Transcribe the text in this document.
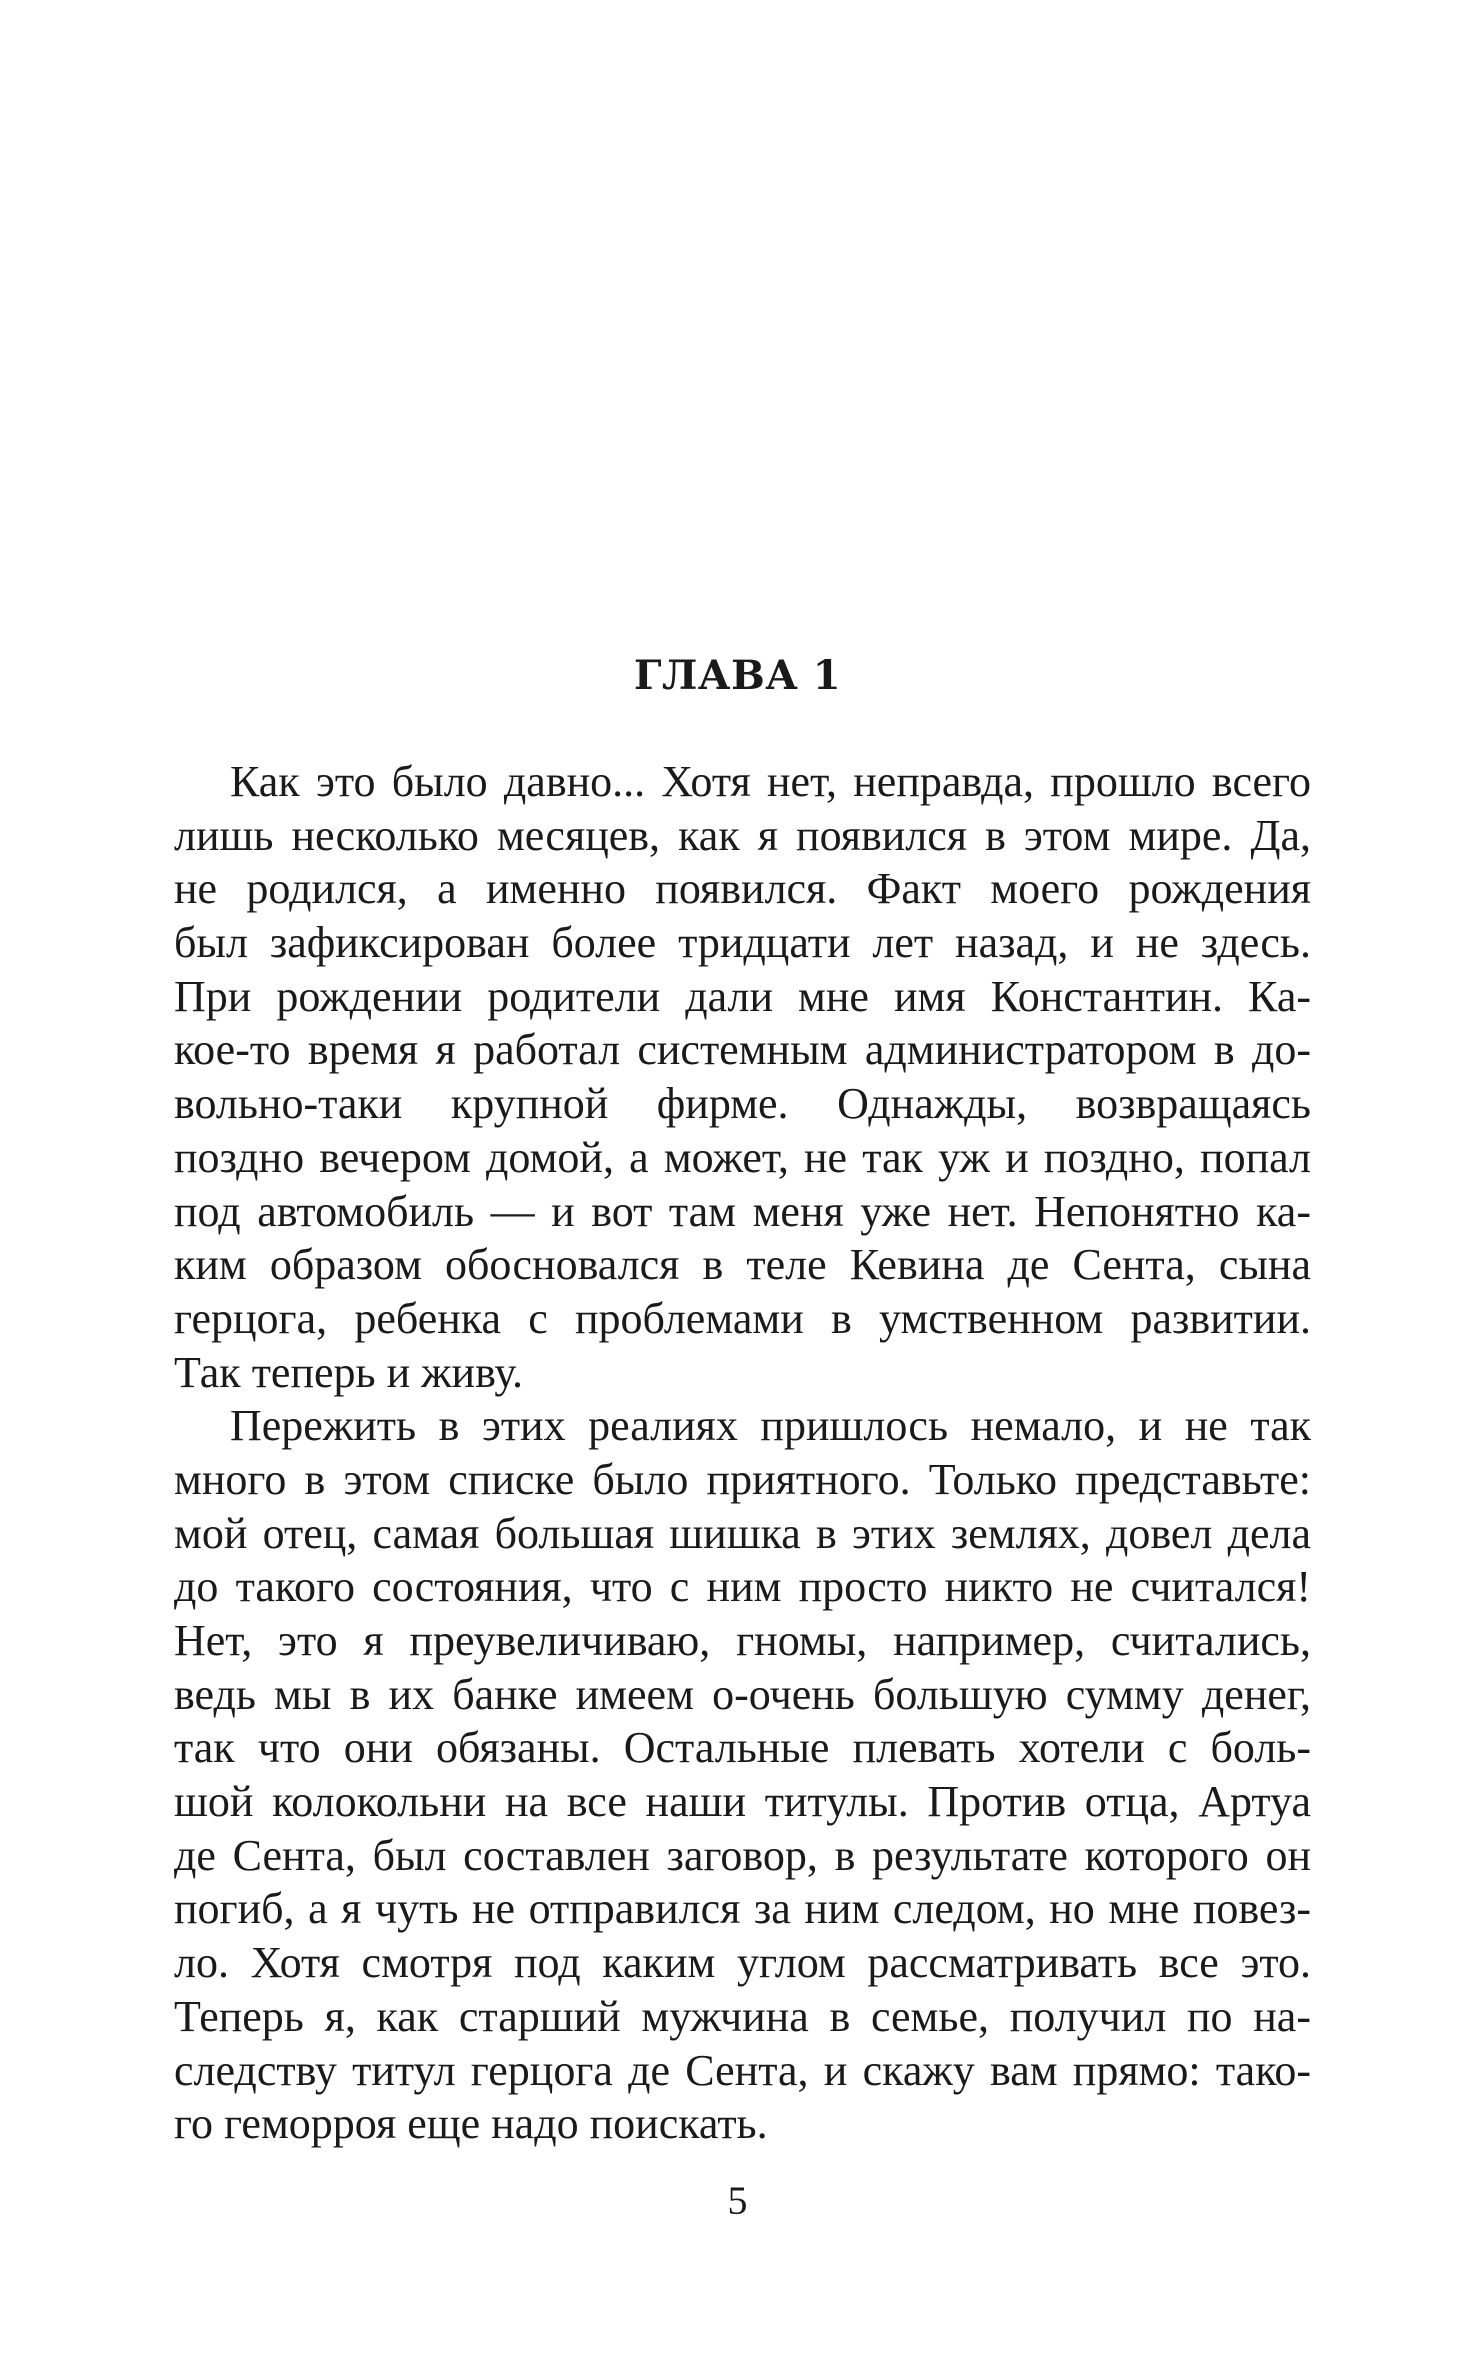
ГЛАВА 1
Как это было давно... Хотя нет, неправда, прошло всего
лишь несколько месяцев, как я появился в этом мире. Да,
не родился, а именно появился. Факт моего рождения
был зафиксирован более тридцати лет назад, и не здесь.
При рождении родители дали мне имя Константин. Ка-
кое-то время я работал системным администратором в до-
вольно-таки крупной фирме. Однажды, возвращаясь
поздно вечером домой, а может, не так уж и поздно, попал
под автомобиль — и вот там меня уже нет. Непонятно ка-
ким образом обосновался в теле Кевина де Сента, сына
герцога, ребенка с проблемами в умственном развитии.
Так теперь и живу.
Пережить в этих реалиях пришлось немало, и не так
много в этом списке было приятного. Только представьте:
мой отец, самая большая шишка в этих землях, довел дела
до такого состояния, что с ним просто никто не считался!
Нет, это я преувеличиваю, гномы, например, считались,
ведь мы в их банке имеем о-очень большую сумму денег,
так что они обязаны. Остальные плевать хотели с боль-
шой колокольни на все наши титулы. Против отца, Артуа
де Сента, был составлен заговор, в результате которого он
погиб, а я чуть не отправился за ним следом, но мне повез-
ло. Хотя смотря под каким углом рассматривать все это.
Теперь я, как старший мужчина в семье, получил по на-
следству титул герцога де Сента, и скажу вам прямо: тако-
го геморроя еще надо поискать.
5
